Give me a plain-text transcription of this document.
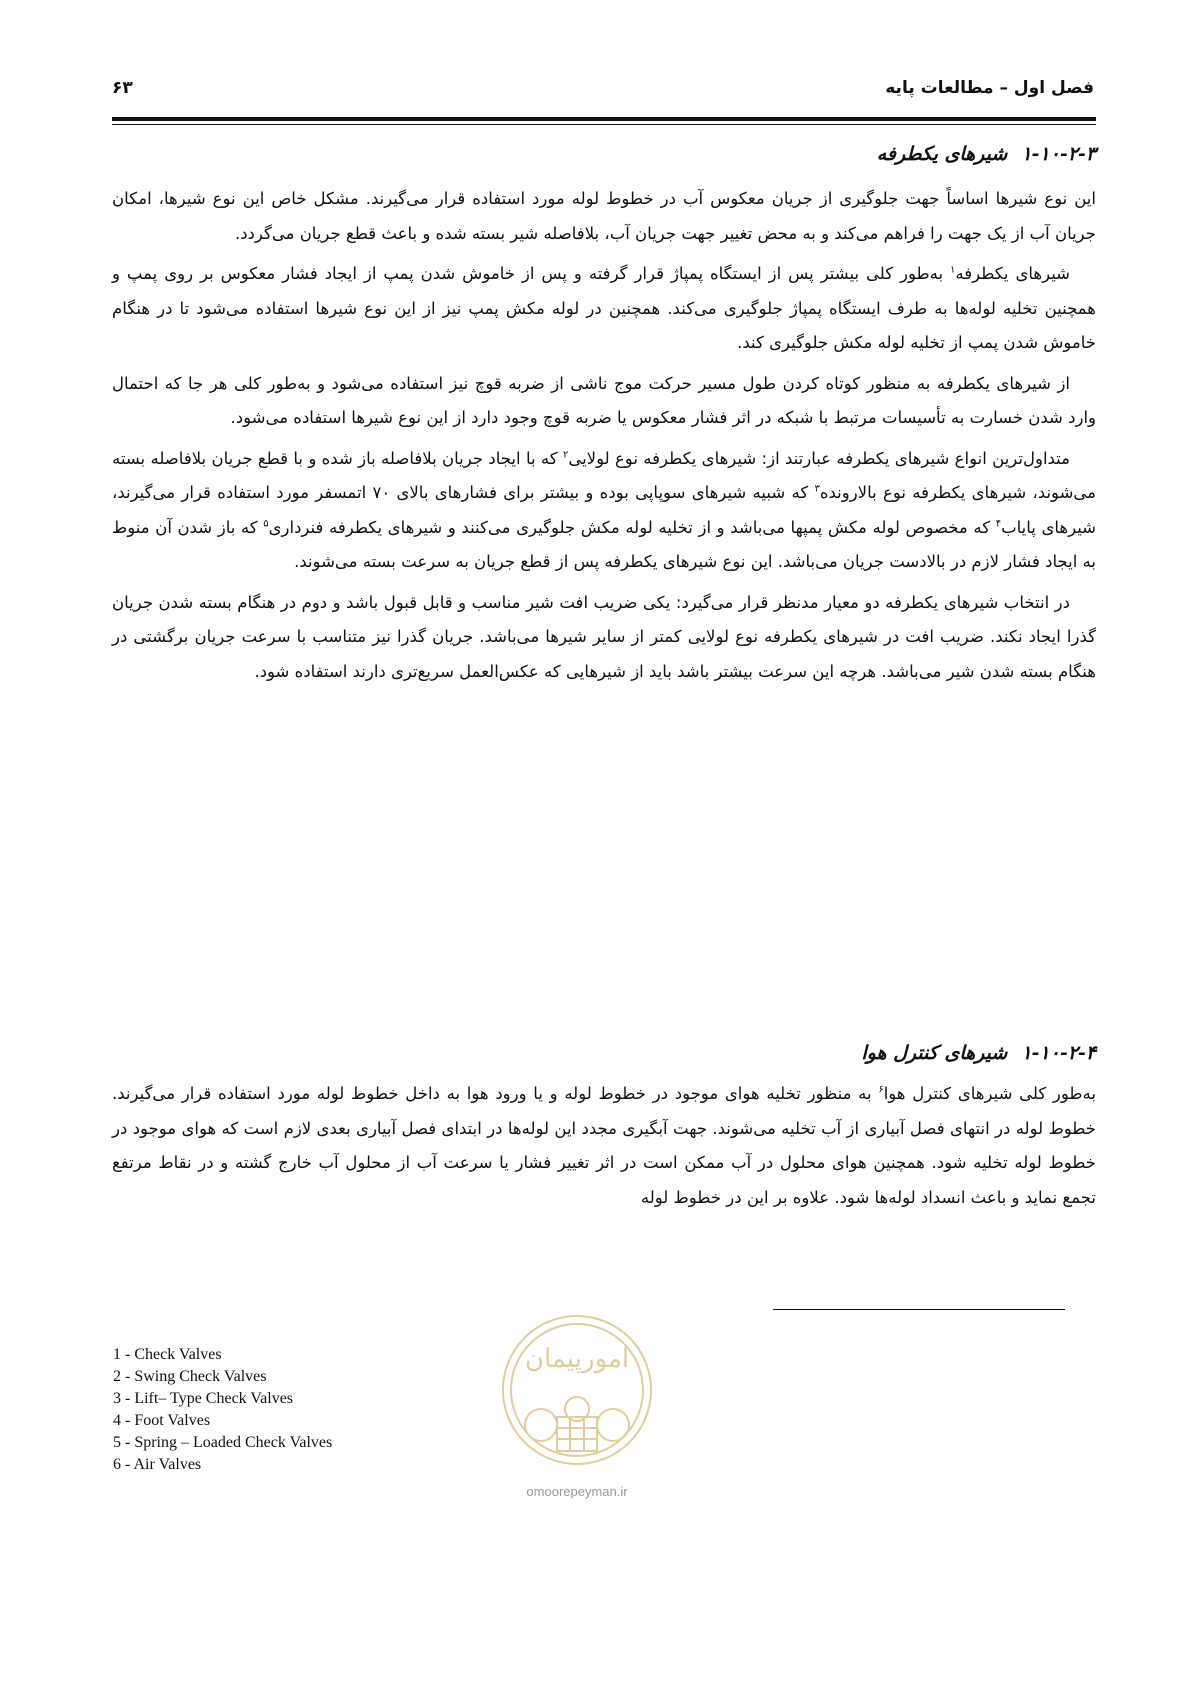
فصل اول – مطالعات پایه
۶۳
۱-۱۰-۲-۳شیرهای یکطرفه

این نوع شیرها اساساً جهت جلوگیری از جریان معکوس آب در خطوط لوله مورد استفاده قرار می‌گیرند. مشکل خاص این نوع شیرها، امکان جریان آب از یک جهت را فراهم می‌کند و به محض تغییر جهت جریان آب، بلافاصله شیر بسته شده و باعث قطع جریان می‌گردد.

شیرهای یکطرفه$^۱$ به‌طور کلی بیشتر پس از ایستگاه پمپاژ قرار گرفته و پس از خاموش شدن پمپ از ایجاد فشار معکوس بر روی پمپ و همچنین تخلیه لوله‌ها به طرف ایستگاه پمپاژ جلوگیری می‌کند. همچنین در لوله مکش پمپ نیز از این نوع شیرها استفاده می‌شود تا در هنگام خاموش شدن پمپ از تخلیه لوله مکش جلوگیری کند.

از شیرهای یکطرفه به منظور کوتاه کردن طول مسیر حرکت موج ناشی از ضربه قوچ نیز استفاده می‌شود و به‌طور کلی هر جا که احتمال وارد شدن خسارت به تأسیسات مرتبط با شبکه در اثر فشار معکوس یا ضربه قوچ وجود دارد از این نوع شیرها استفاده می‌شود.

متداول‌ترین انواع شیرهای یکطرفه عبارتند از: شیرهای یکطرفه نوع لولایی$^۲$ که با ایجاد جریان بلافاصله باز شده و با قطع جریان بلافاصله بسته می‌شوند، شیرهای یکطرفه نوع بالارونده$^۳$ که شبیه شیرهای سوپاپی بوده و بیشتر برای فشارهای بالای ۷۰ اتمسفر مورد استفاده قرار می‌گیرند، شیرهای پایاب$^۴$ که مخصوص لوله مکش پمپها می‌باشد و از تخلیه لوله مکش جلوگیری می‌کنند و شیرهای یکطرفه فنرداری$^۵$ که باز شدن آن منوط به ایجاد فشار لازم در بالادست جریان می‌باشد. این نوع شیرهای یکطرفه پس از قطع جریان به سرعت بسته می‌شوند.

در انتخاب شیرهای یکطرفه دو معیار مدنظر قرار می‌گیرد: یکی ضریب افت شیر مناسب و قابل قبول باشد و دوم در هنگام بسته شدن جریان گذرا ایجاد نکند. ضریب افت در شیرهای یکطرفه نوع لولایی کمتر از سایر شیرها می‌باشد. جریان گذرا نیز متناسب با سرعت جریان برگشتی در هنگام بسته شدن شیر می‌باشد. هرچه این سرعت بیشتر باشد باید از شیرهایی که عکس‌العمل سریع‌تری دارند استفاده شود.

۱-۱۰-۲-۴شیرهای کنترل هوا

به‌طور کلی شیرهای کنترل هوا$^۶$ به منظور تخلیه هوای موجود در خطوط لوله و یا ورود هوا به داخل خطوط لوله مورد استفاده قرار می‌گیرند. خطوط لوله در انتهای فصل آبیاری از آب تخلیه می‌شوند. جهت آبگیری مجدد این لوله‌ها در ابتدای فصل آبیاری بعدی لازم است که هوای موجود در خطوط لوله تخلیه شود. همچنین هوای محلول در آب ممکن است در اثر تغییر فشار یا سرعت آب از محلول آب خارج گشته و در نقاط مرتفع تجمع نماید و باعث انسداد لوله‌ها شود. علاوه بر این در خطوط لوله

1 - Check Valves
2 - Swing Check Valves
3 - Lift– Type Check Valves
4 - Foot Valves
5 - Spring – Loaded Check Valves
6 - Air Valves
امورپیمان
omoorepeyman.ir
